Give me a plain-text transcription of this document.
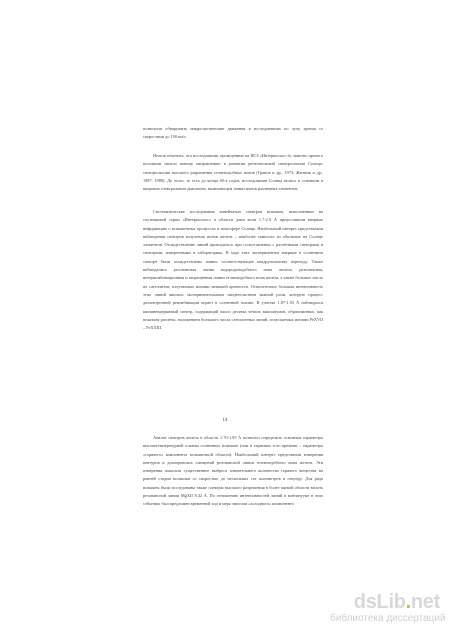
позволили обнаружить макроскопические движения в исследованиях по лучу зрения со скоростями до 190 км/с.

Нельзя отметить, что исследования, проведенные на ИСЗ «Интеркосмос-4» заметно прочего положили начало новому направлению в развитии рентгеновской спектроскопии Солнца: спектроскопии высокого разрешения гелиеподобных ионов (Гранов и др., 1973; Житник и др., 1987, 1988). До этого, то есть до конца 60-х годов, исследования Солнца велись в основном в широком спектральном диапазоне, включающем линии ионов различных элементов.

Систематические исследования линейчатых спектров вспышек, выполненные на спутниковой серии «Интеркосмос» в области длин волн 1.7-2.0 Å предоставили впервые информацию о вспышечных процессах в атмосфере Солнца. Наибольший интерес представляли наблюдения спектров излучения ионов железа – наиболее тяжелого из обильных на Солнце элементов. Отождествление линий проводилось при сопоставлении с расчётными спектрами и спектрами, измеренными в лабораториях. В ходе этих экспериментов впервые в солнечном спектре были отождествлены линии, соответствующие квадрупольному переходу. Также наблюдались резонансная линия водородоподобного иона железа, резонансная, интеркомбинационная и запрещённая линии гелиеподобного иона железа, а также большое число их сателлитов, излучаемых ионами меньшей кратности. Относительно большая интенсивность этих линий явилась экспериментальным свидетельством важной роли, которую процесс диэлектронной рекомбинации играет в солнечной плазме. В участке 1.87-1.93 Å наблюдался квазинепрерывный спектр, содержащий около десятка чётких максимумов, образованных, как показали расчёты, наложением большого числа сателлитных линий, испускаемых ионами FeXVII – FeXXIII.

14

Анализ спектров железа в области 1.70-1.95 Å позволил определить основные параметры высокотемпературной плазмы солнечных вспышек (или в терминах того времени – параметры «горячего» компонента вспышечной области). Наибольший интерес представили измерения контуров и доплеровских смещений резонансной линии гелиеподобного иона железа. Эти измерения показали существенное выброса значительного количества горячего вещества на ранней стадии вспышки со скоростью до нескольких сот километров в секунду. Для ряда вспышек были исследованы также спектры высокого разрешения в более мягкой области вплоть резонансной линии MgXII 8.42 Å. По отношению интенсивностей линий в континууме в этих событиях был предложен временной ход и мера эмиссии «холодного» компонента

dsLib.net
библиотека диссертаций
